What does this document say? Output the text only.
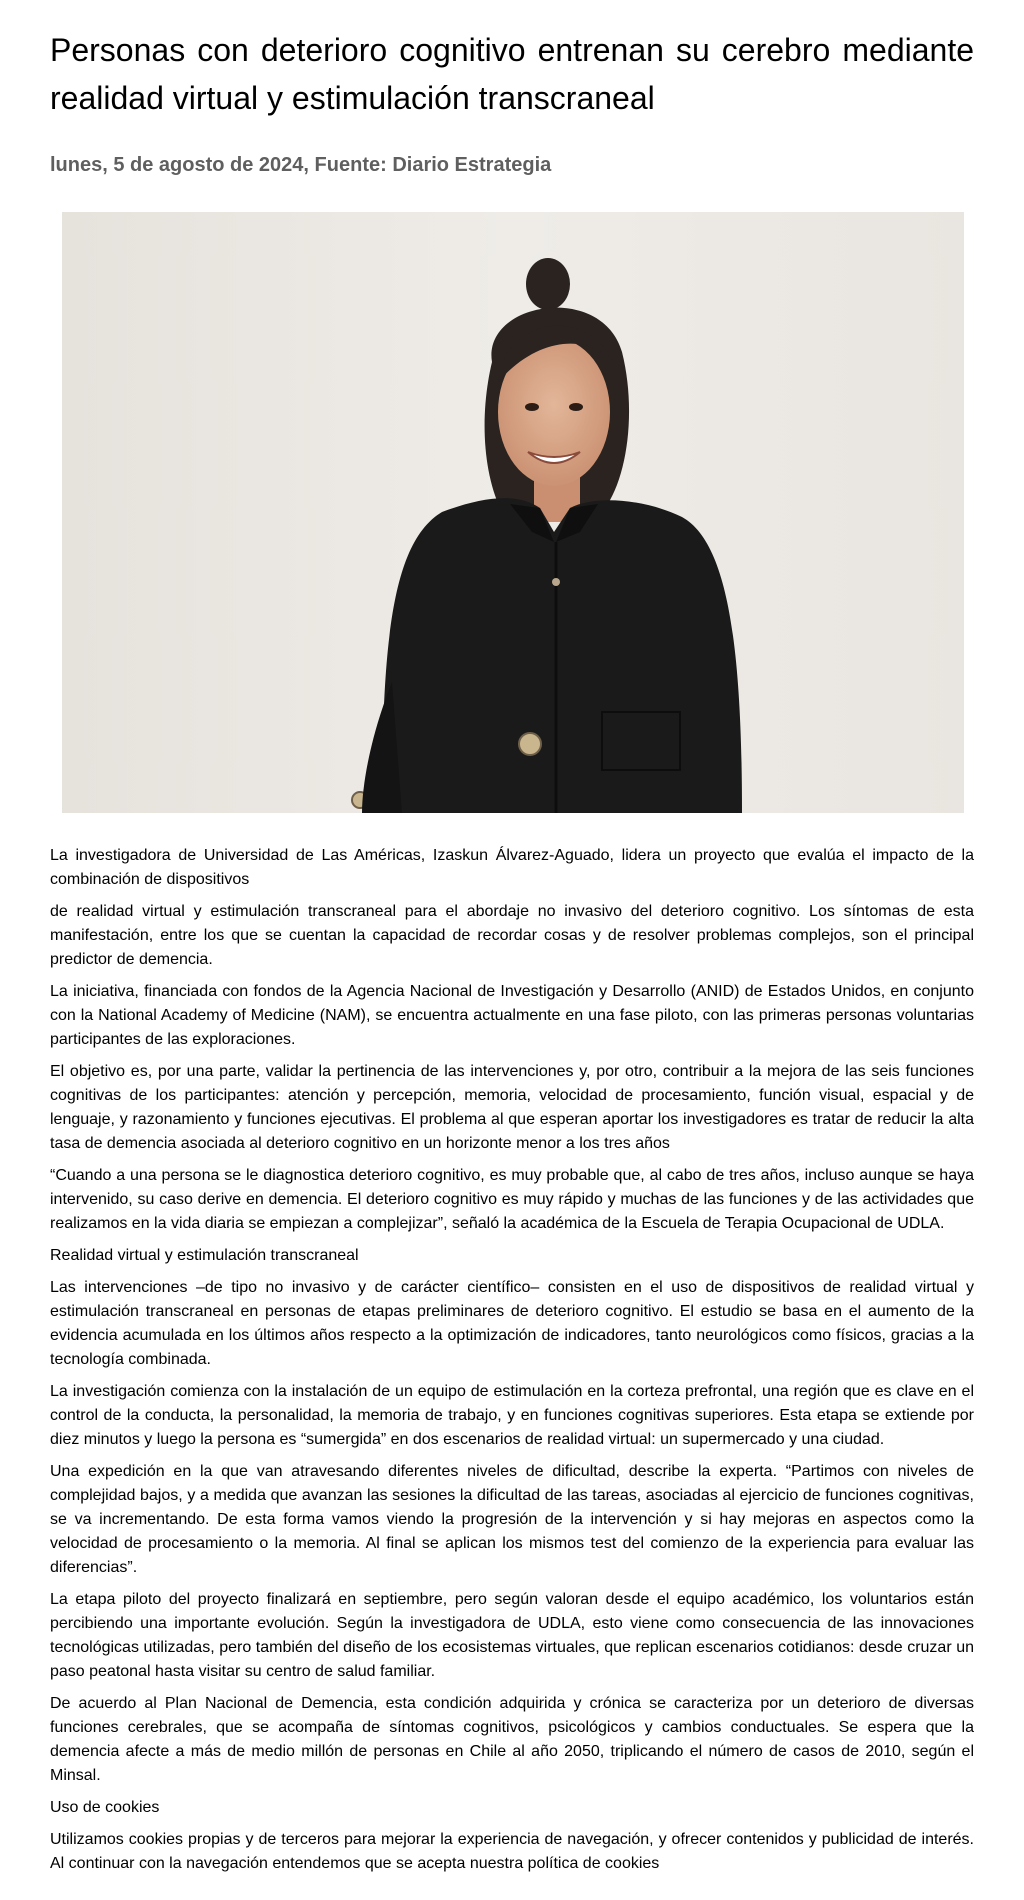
Personas con deterioro cognitivo entrenan su cerebro mediante realidad virtual y estimulación transcraneal
lunes, 5 de agosto de 2024, Fuente: Diario Estrategia

La investigadora de Universidad de Las Américas, Izaskun Álvarez-Aguado, lidera un proyecto que evalúa el impacto de la combinación de dispositivos

de realidad virtual y estimulación transcraneal para el abordaje no invasivo del deterioro cognitivo. Los síntomas de esta manifestación, entre los que se cuentan la capacidad de recordar cosas y de resolver problemas complejos, son el principal predictor de demencia.

La iniciativa, financiada con fondos de la Agencia Nacional de Investigación y Desarrollo (ANID) de Estados Unidos, en conjunto con la National Academy of Medicine (NAM), se encuentra actualmente en una fase piloto, con las primeras personas voluntarias participantes de las exploraciones.

El objetivo es, por una parte, validar la pertinencia de las intervenciones y, por otro, contribuir a la mejora de las seis funciones cognitivas de los participantes: atención y percepción, memoria, velocidad de procesamiento, función visual, espacial y de lenguaje, y razonamiento y funciones ejecutivas. El problema al que esperan aportar los investigadores es tratar de reducir la alta tasa de demencia asociada al deterioro cognitivo en un horizonte menor a los tres años

“Cuando a una persona se le diagnostica deterioro cognitivo, es muy probable que, al cabo de tres años, incluso aunque se haya intervenido, su caso derive en demencia. El deterioro cognitivo es muy rápido y muchas de las funciones y de las actividades que realizamos en la vida diaria se empiezan a complejizar”, señaló la académica de la Escuela de Terapia Ocupacional de UDLA.

Realidad virtual y estimulación transcraneal

Las intervenciones –de tipo no invasivo y de carácter científico– consisten en el uso de dispositivos de realidad virtual y estimulación transcraneal en personas de etapas preliminares de deterioro cognitivo. El estudio se basa en el aumento de la evidencia acumulada en los últimos años respecto a la optimización de indicadores, tanto neurológicos como físicos, gracias a la tecnología combinada.

La investigación comienza con la instalación de un equipo de estimulación en la corteza prefrontal, una región que es clave en el control de la conducta, la personalidad, la memoria de trabajo, y en funciones cognitivas superiores. Esta etapa se extiende por diez minutos y luego la persona es “sumergida” en dos escenarios de realidad virtual: un supermercado y una ciudad.

Una expedición en la que van atravesando diferentes niveles de dificultad, describe la experta. “Partimos con niveles de complejidad bajos, y a medida que avanzan las sesiones la dificultad de las tareas, asociadas al ejercicio de funciones cognitivas, se va incrementando. De esta forma vamos viendo la progresión de la intervención y si hay mejoras en aspectos como la velocidad de procesamiento o la memoria. Al final se aplican los mismos test del comienzo de la experiencia para evaluar las diferencias”.

La etapa piloto del proyecto finalizará en septiembre, pero según valoran desde el equipo académico, los voluntarios están percibiendo una importante evolución. Según la investigadora de UDLA, esto viene como consecuencia de las innovaciones tecnológicas utilizadas, pero también del diseño de los ecosistemas virtuales, que replican escenarios cotidianos: desde cruzar un paso peatonal hasta visitar su centro de salud familiar.

De acuerdo al Plan Nacional de Demencia, esta condición adquirida y crónica se caracteriza por un deterioro de diversas funciones cerebrales, que se acompaña de síntomas cognitivos, psicológicos y cambios conductuales. Se espera que la demencia afecte a más de medio millón de personas en Chile al año 2050, triplicando el número de casos de 2010, según el Minsal.

Uso de cookies

Utilizamos cookies propias y de terceros para mejorar la experiencia de navegación, y ofrecer contenidos y publicidad de interés. Al continuar con la navegación entendemos que se acepta nuestra política de cookies
